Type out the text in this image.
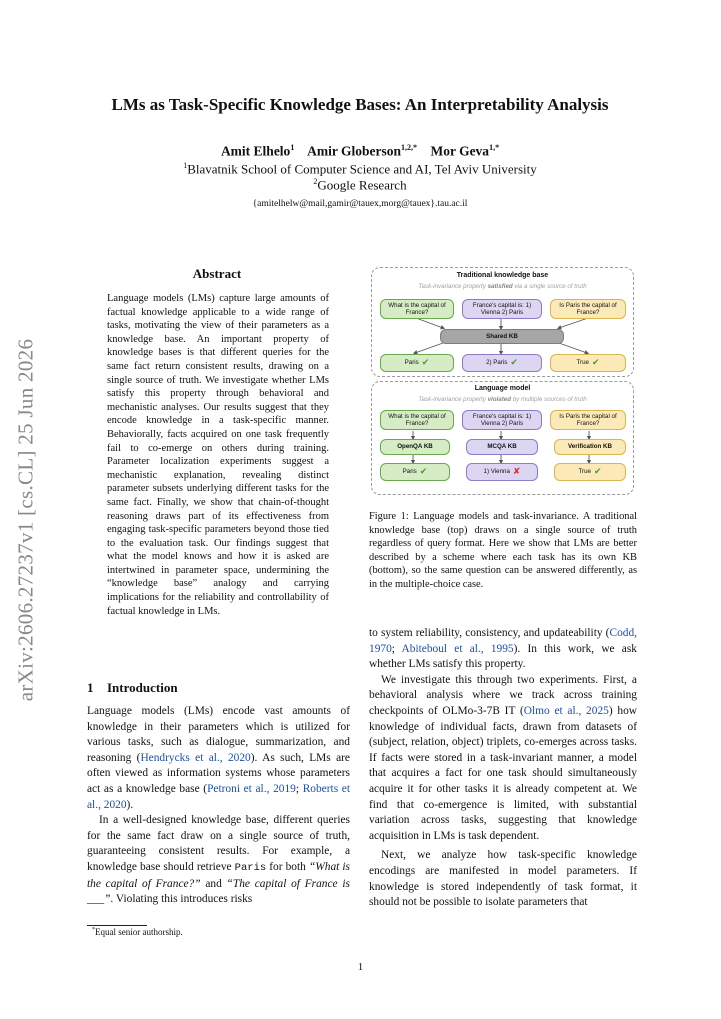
arXiv:2606.27237v1 [cs.CL] 25 Jun 2026
LMs as Task-Specific Knowledge Bases: An Interpretability Analysis
Amit Elhelo$^1$ Amir Globerson$^{1,2,*}$ Mor Geva$^{1,*}$
$^1$Blavatnik School of Computer Science and AI, Tel Aviv University
$^2$Google Research
{amitelhelw@mail,gamir@tauex,morg@tauex}.tau.ac.il
Abstract
Language models (LMs) capture large amounts of factual knowledge applicable to a wide range of tasks, motivating the view of their parameters as a knowledge base. An important property of knowledge bases is that different queries for the same fact return consistent results, drawing on a single source of truth. We investigate whether LMs satisfy this property through behavioral and mechanistic analyses. Our results suggest that they encode knowledge in a task-specific manner. Behaviorally, facts acquired on one task frequently fail to co-emerge on others during training. Parameter localization experiments suggest a mechanistic explanation, revealing distinct parameter subsets underlying different tasks for the same fact. Finally, we show that chain-of-thought reasoning draws part of its effectiveness from engaging task-specific parameters beyond those tied to the evaluation task. Our findings suggest that what the model knows and how it is asked are intertwined in parameter space, undermining the “knowledge base” analogy and carrying implications for the reliability and controllability of factual knowledge in LMs.
1 Introduction

Language models (LMs) encode vast amounts of knowledge in their parameters which is utilized for various tasks, such as dialogue, summarization, and reasoning (Hendrycks et al., 2020). As such, LMs are often viewed as information systems whose parameters act as a knowledge base (Petroni et al., 2019; Roberts et al., 2020).

In a well-designed knowledge base, different queries for the same fact draw on a single source of truth, guaranteeing consistent results. For example, a knowledge base should retrieve Paris for both “What is the capital of France?” and “The capital of France is ___”. Violating this introduces risks

*Equal senior authorship.
Traditional knowledge base
Task-invariance property satisfied via a single source of truth
What is the capital of France?
France's capital is: 1) Vienna 2) Paris
Is Paris the capital of France?
Shared KB
Paris ✔	2) Paris ✔	True ✔
Language model
Task-invariance property violated by multiple sources of truth
What is the capital of France?
France's capital is: 1) Vienna 2) Paris
Is Paris the capital of France?
OpenQA KB	MCQA KB	Verification KB
Paris ✔	1) Vienna ✘	True ✔
Figure 1: Language models and task-invariance. A traditional knowledge base (top) draws on a single source of truth regardless of query format. Here we show that LMs are better described by a scheme where each task has its own KB (bottom), so the same question can be answered differently, as in the multiple-choice case.

to system reliability, consistency, and updateability (Codd, 1970; Abiteboul et al., 1995). In this work, we ask whether LMs satisfy this property.

We investigate this through two experiments. First, a behavioral analysis where we track across training checkpoints of OLMo-3-7B IT (Olmo et al., 2025) how knowledge of individual facts, drawn from datasets of (subject, relation, object) triplets, co-emerges across tasks. If facts were stored in a task-invariant manner, a model that acquires a fact for one task should simultaneously acquire it for other tasks it is already competent at. We find that co-emergence is limited, with substantial variation across tasks, suggesting that knowledge acquisition in LMs is task dependent.

Next, we analyze how task-specific knowledge encodings are manifested in model parameters. If knowledge is stored independently of task format, it should not be possible to isolate parameters that

1
